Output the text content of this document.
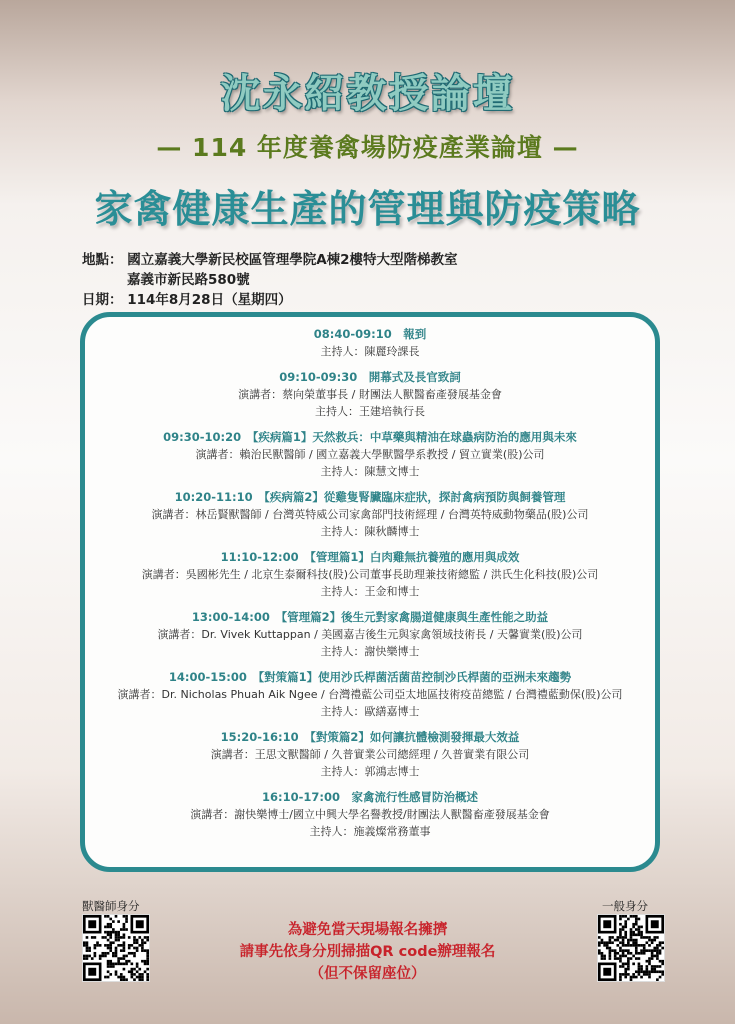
沈永紹教授論壇
— 114 年度養禽場防疫產業論壇 —
家禽健康生產的管理與防疫策略
地點： 國立嘉義大學新民校區管理學院A棟2樓特大型階梯教室
嘉義市新民路580號
日期： 114年8月28日（星期四）
08:40-09:10　報到
主持人：陳麗玲課長
09:10-09:30　開幕式及長官致詞
演講者：蔡向榮董事長 / 財團法人獸醫畜產發展基金會
主持人：王建培執行長
09:30-10:20　【疾病篇1】天然救兵：中草藥與精油在球蟲病防治的應用與未來
演講者：賴治民獸醫師 / 國立嘉義大學獸醫學系教授 / 貿立實業(股)公司
主持人：陳慧文博士
10:20-11:10　【疾病篇2】從雞隻腎臟臨床症狀，探討禽病預防與飼養管理
演講者：林岳賢獸醫師 / 台灣英特威公司家禽部門技術經理 / 台灣英特威動物藥品(股)公司
主持人：陳秋麟博士
11:10-12:00　【管理篇1】白肉雞無抗養殖的應用與成效
演講者：吳國彬先生 / 北京生泰爾科技(股)公司董事長助理兼技術總監 / 洪氏生化科技(股)公司
主持人：王金和博士
13:00-14:00　【管理篇2】後生元對家禽腸道健康與生產性能之助益
演講者：Dr. Vivek Kuttappan / 美國嘉吉後生元與家禽領域技術長 / 天馨實業(股)公司
主持人：謝快樂博士
14:00-15:00　【對策篇1】使用沙氏桿菌活菌苗控制沙氏桿菌的亞洲未來趨勢
演講者：Dr. Nicholas Phuah Aik Ngee / 台灣禮藍公司亞太地區技術疫苗總監 / 台灣禮藍動保(股)公司
主持人：歐繕嘉博士
15:20-16:10　【對策篇2】如何讓抗體檢測發揮最大效益
演講者：王思文獸醫師 / 久普實業公司總經理 / 久普實業有限公司
主持人：郭鴻志博士
16:10-17:00　家禽流行性感冒防治概述
演講者：謝快樂博士/國立中興大學名譽教授/財團法人獸醫畜產發展基金會
主持人：施義燦常務董事
獸醫師身分	一般身分
為避免當天現場報名擁擠
請事先依身分別掃描QR code辦理報名
（但不保留座位）
